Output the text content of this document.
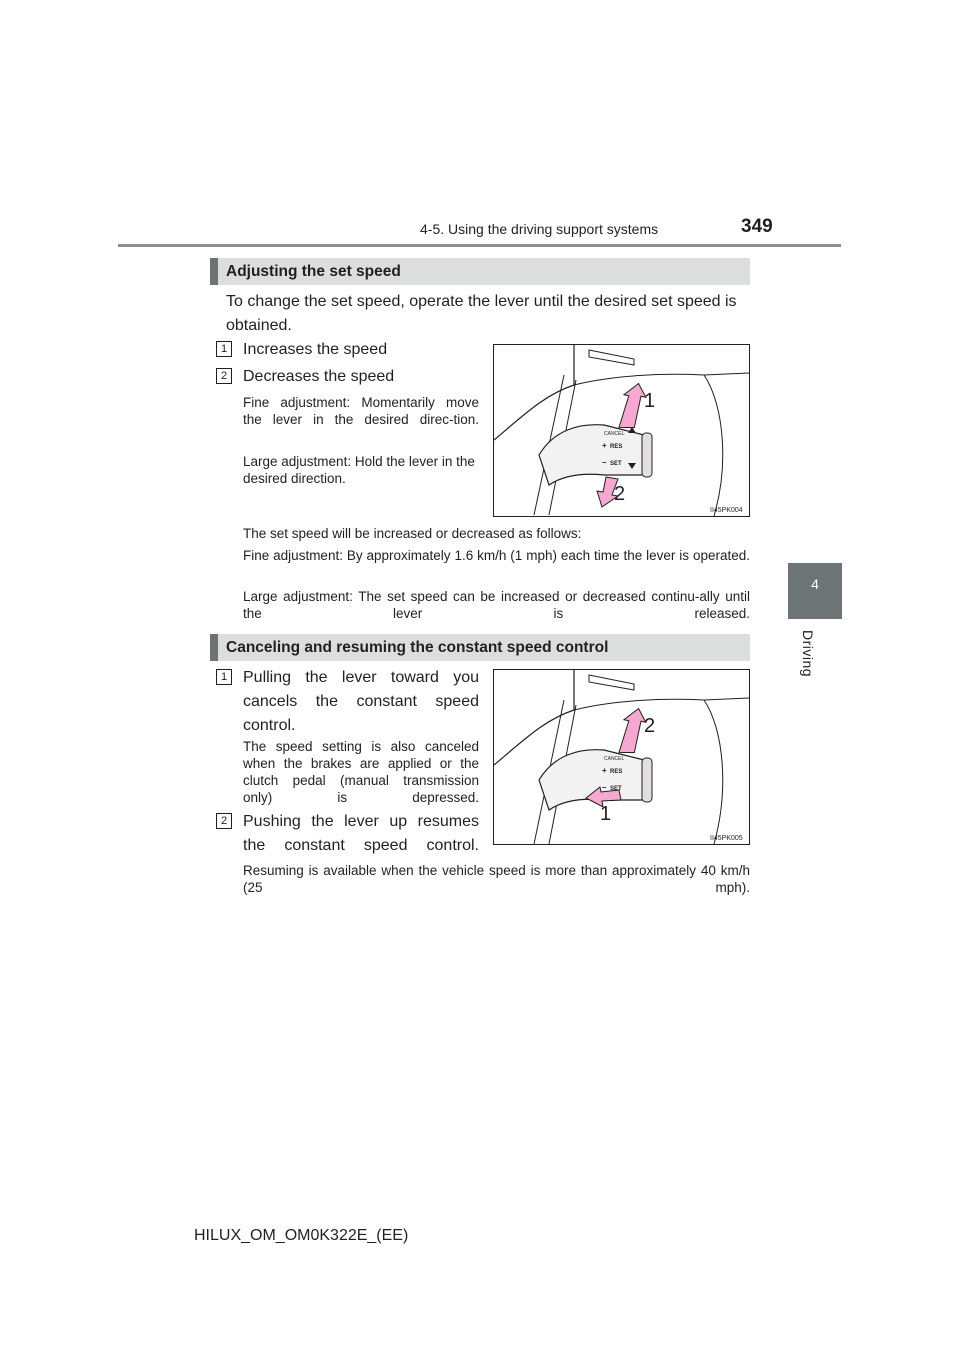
4-5. Using the driving support systems	349
4
Driving
Adjusting the set speed
To change the set speed, operate the lever until the desired set speed is obtained.
1 Increases the speed
2 Decreases the speed
Fine adjustment: Momentarily move the lever in the desired direc-tion.
Large adjustment: Hold the lever in the desired direction.
CANCEL
+ RES
– SET
1
2
II45PK004
The set speed will be increased or decreased as follows:
Fine adjustment: By approximately 1.6 km/h (1 mph) each time the lever is operated.
Large adjustment: The set speed can be increased or decreased continu-ally until the lever is released.
Canceling and resuming the constant speed control
1 Pulling the lever toward you cancels the constant speed control.
The speed setting is also canceled when the brakes are applied or the clutch pedal (manual transmission only) is depressed.
2 Pushing the lever up resumes the constant speed control.
CANCEL
+ RES
– SET
2
1
II45PK005
Resuming is available when the vehicle speed is more than approximately 40 km/h (25 mph).
HILUX_OM_OM0K322E_(EE)
